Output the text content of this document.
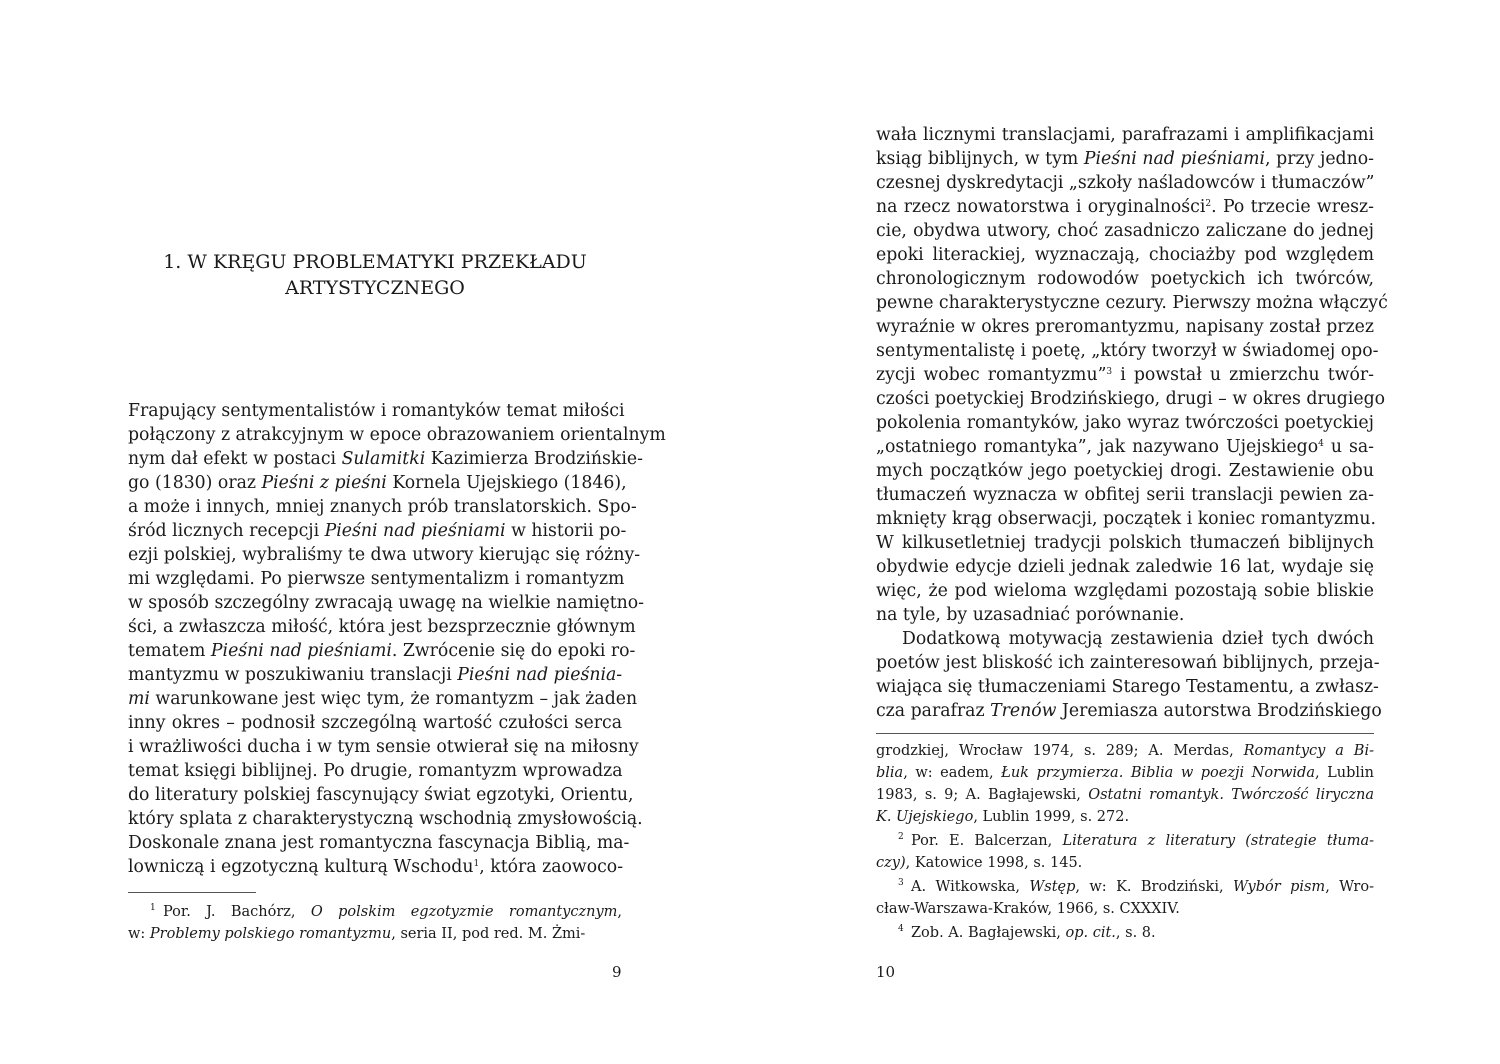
1. W KRĘGU PROBLEMATYKI PRZEKŁADU
ARTYSTYCZNEGO
Frapujący sentymentalistów i romantyków temat miłości
połączony z atrakcyjnym w epoce obrazowaniem orientalnym
nym dał efekt w postaci Sulamitki Kazimierza Brodzińskie-
go (1830) oraz Pieśni z pieśni Kornela Ujejskiego (1846),
a może i innych, mniej znanych prób translatorskich. Spo-
śród licznych recepcji Pieśni nad pieśniami w historii po-
ezji polskiej, wybraliśmy te dwa utwory kierując się różny-
mi względami. Po pierwsze sentymentalizm i romantyzm
w sposób szczególny zwracają uwagę na wielkie namiętno-
ści, a zwłaszcza miłość, która jest bezsprzecznie głównym
tematem Pieśni nad pieśniami. Zwrócenie się do epoki ro-
mantyzmu w poszukiwaniu translacji Pieśni nad pieśnia-
mi warunkowane jest więc tym, że romantyzm – jak żaden
inny okres – podnosił szczególną wartość czułości serca
i wrażliwości ducha i w tym sensie otwierał się na miłosny
temat księgi biblijnej. Po drugie, romantyzm wprowadza
do literatury polskiej fascynujący świat egzotyki, Orientu,
który splata z charakterystyczną wschodnią zmysłowością.
Doskonale znana jest romantyczna fascynacja Biblią, ma-
lowniczą i egzotyczną kulturą Wschodu$^1$, która zaowoco-
$^1$  Por. J. Bachórz, O polskim egzotyzmie romantycznym,
w: Problemy polskiego romantyzmu, seria II, pod red. M. Żmi-
9
wała licznymi translacjami, parafrazami i amplifikacjami
ksiąg biblijnych, w tym Pieśni nad pieśniami, przy jedno-
czesnej dyskredytacji „szkoły naśladowców i tłumaczów”
na rzecz nowatorstwa i oryginalności$^2$. Po trzecie wresz-
cie, obydwa utwory, choć zasadniczo zaliczane do jednej
epoki literackiej, wyznaczają, chociażby pod względem
chronologicznym rodowodów poetyckich ich twórców,
pewne charakterystyczne cezury. Pierwszy można włączyć
wyraźnie w okres preromantyzmu, napisany został przez
sentymentalistę i poetę, „który tworzył w świadomej opo-
zycji wobec romantyzmu”$^3$ i powstał u zmierzchu twór-
czości poetyckiej Brodzińskiego, drugi – w okres drugiego
pokolenia romantyków, jako wyraz twórczości poetyckiej
„ostatniego romantyka”, jak nazywano Ujejskiego$^4$ u sa-
mych początków jego poetyckiej drogi. Zestawienie obu
tłumaczeń wyznacza w obfitej serii translacji pewien za-
mknięty krąg obserwacji, początek i koniec romantyzmu.
W kilkusetletniej tradycji polskich tłumaczeń biblijnych
obydwie edycje dzieli jednak zaledwie 16 lat, wydaje się
więc, że pod wieloma względami pozostają sobie bliskie
na tyle, by uzasadniać porównanie.
Dodatkową motywacją zestawienia dzieł tych dwóch
poetów jest bliskość ich zainteresowań biblijnych, przeja-
wiająca się tłumaczeniami Starego Testamentu, a zwłasz-
cza parafraz Trenów Jeremiasza autorstwa Brodzińskiego
grodzkiej, Wrocław 1974, s. 289; A. Merdas, Romantycy a Bi-
blia, w: eadem, Łuk przymierza. Biblia w poezji Norwida, Lublin
1983, s. 9; A. Bagłajewski, Ostatni romantyk. Twórczość liryczna
K. Ujejskiego, Lublin 1999, s. 272.
$^2$  Por. E. Balcerzan, Literatura z literatury (strategie tłuma-
czy), Katowice 1998, s. 145.
$^3$  A. Witkowska, Wstęp, w: K. Brodziński, Wybór pism, Wro-
cław-Warszawa-Kraków, 1966, s. CXXXIV.
$^4$  Zob. A. Bagłajewski, op. cit., s. 8.
10
